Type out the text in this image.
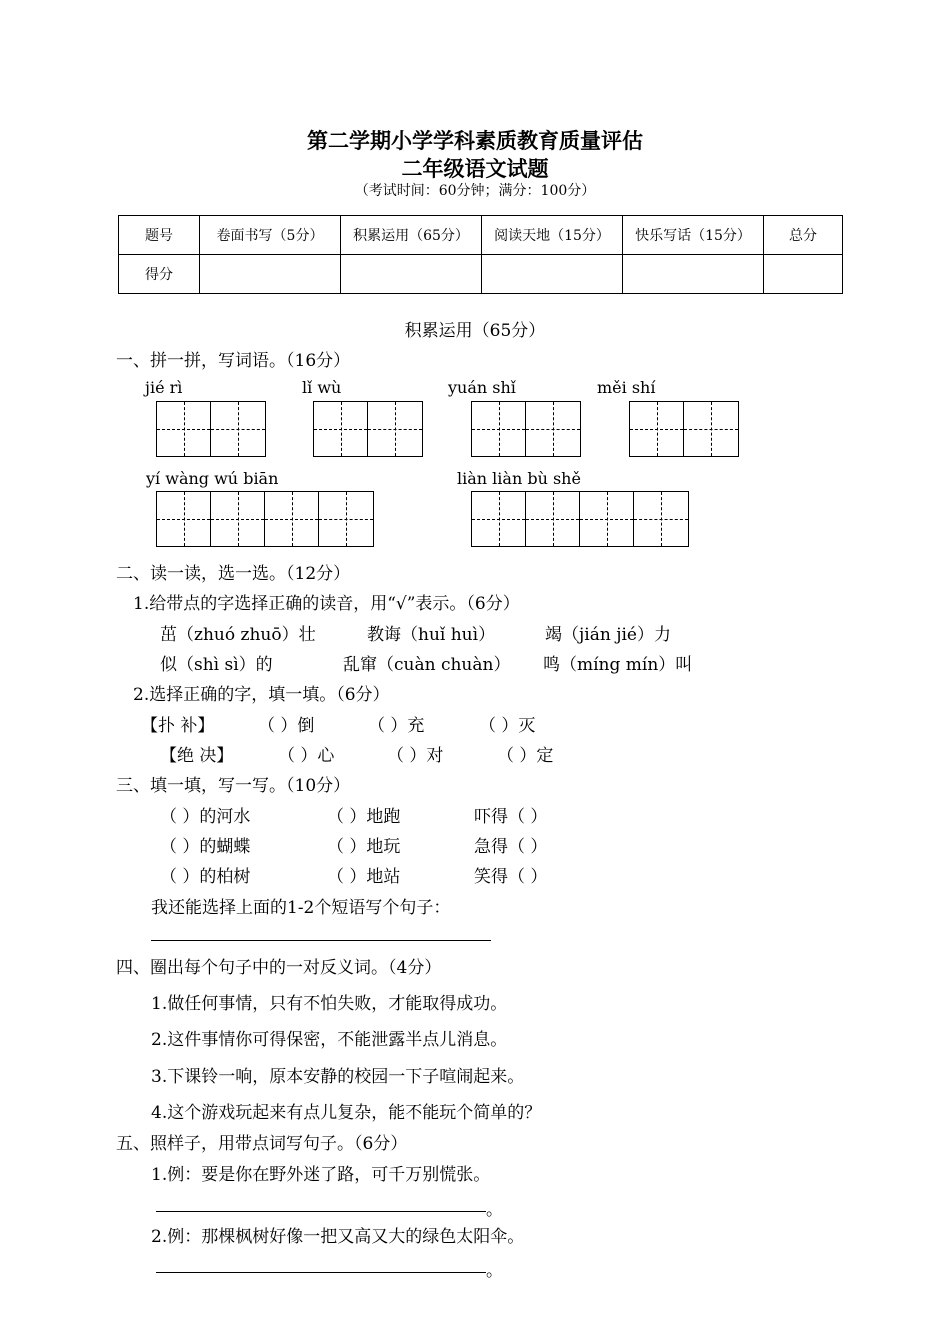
第二学期小学学科素质教育质量评估
二年级语文试题
（考试时间：60分钟；满分：100分）
题号	卷面书写（5分）	积累运用（65分）	阅读天地（15分）	快乐写话（15分）	总分
得分					
积累运用（65分）
一、拼一拼，写词语。（16分）
jié rì	lǐ wù	yuán shǐ	měi shí
yí wàng wú biān	liàn liàn bù shě
二、读一读，选一选。（12分）
1.给带点的字选择正确的读音，用“√”表示。（6分）
茁（zhuó zhuō）壮	教诲（huǐ huì）	竭（jián jié）力
似（shì sì）的	乱窜（cuàn chuàn） 鸣（míng mín）叫
2.选择正确的字，填一填。（6分）
【扑 补】	（ ）倒	（ ）充	（ ）灭
【绝 决】	（ ）心	（ ）对	（ ）定
三、填一填，写一写。（10分）
（ ）的河水	（ ）地跑	吓得（ ）
（ ）的蝴蝶	（ ）地玩	急得（ ）
（ ）的柏树	（ ）地站	笑得（ ）
我还能选择上面的1-2个短语写个句子：
四、圈出每个句子中的一对反义词。（4分）
1.做任何事情，只有不怕失败，才能取得成功。
2.这件事情你可得保密，不能泄露半点儿消息。
3.下课铃一响，原本安静的校园一下子喧闹起来。
4.这个游戏玩起来有点儿复杂，能不能玩个简单的？
五、照样子，用带点词写句子。（6分）
1.例：要是你在野外迷了路，可千万别慌张。
。
2.例：那棵枫树好像一把又高又大的绿色太阳伞。
。
